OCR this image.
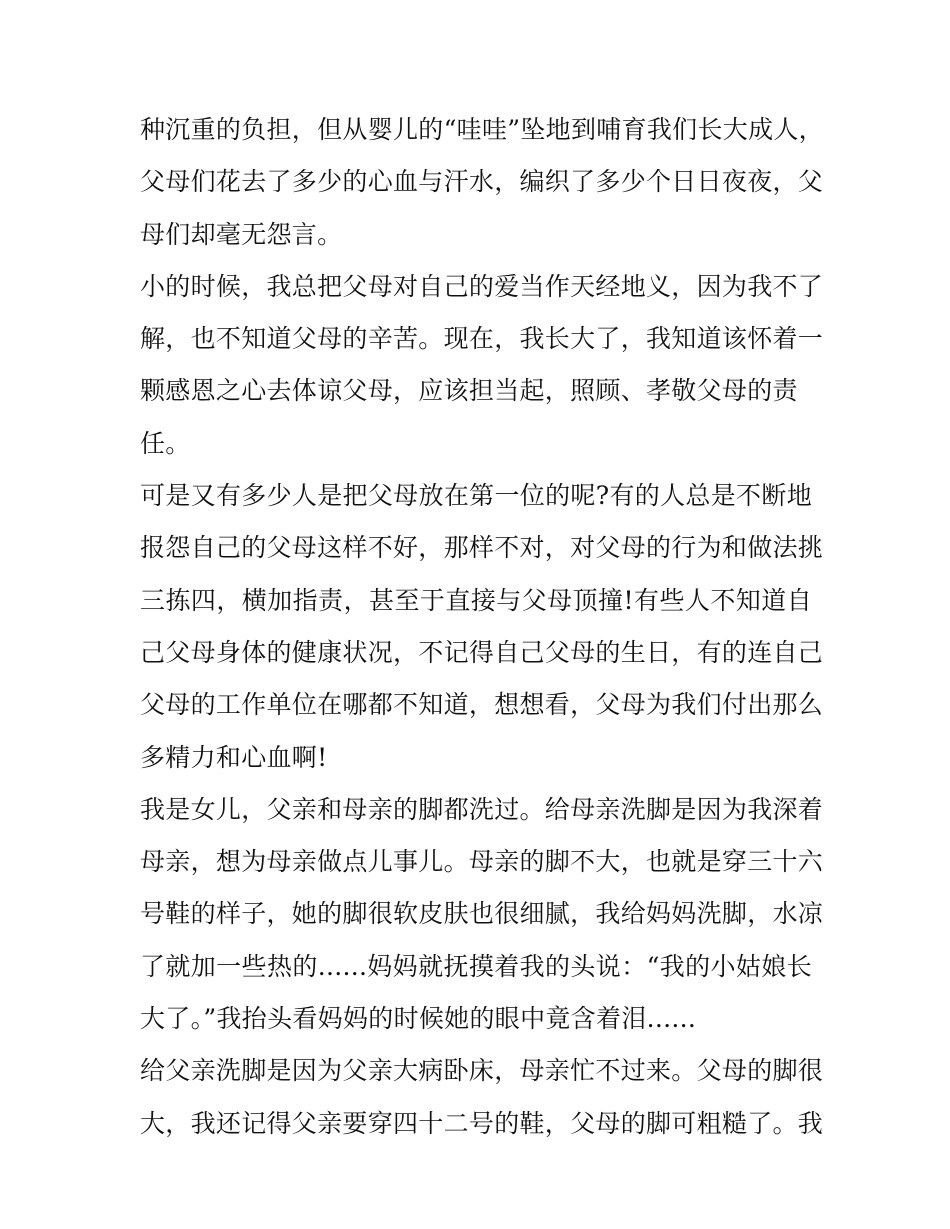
种沉重的负担，但从婴儿的“哇哇”坠地到哺育我们长大成人，
父母们花去了多少的心血与汗水，编织了多少个日日夜夜，父
母们却毫无怨言。
小的时候，我总把父母对自己的爱当作天经地义，因为我不了
解，也不知道父母的辛苦。现在，我长大了，我知道该怀着一
颗感恩之心去体谅父母，应该担当起，照顾、孝敬父母的责
任。
可是又有多少人是把父母放在第一位的呢?有的人总是不断地
报怨自己的父母这样不好，那样不对，对父母的行为和做法挑
三拣四，横加指责，甚至于直接与父母顶撞!有些人不知道自
己父母身体的健康状况，不记得自己父母的生日，有的连自己
父母的工作单位在哪都不知道，想想看，父母为我们付出那么
多精力和心血啊!
我是女儿，父亲和母亲的脚都洗过。给母亲洗脚是因为我深着
母亲，想为母亲做点儿事儿。母亲的脚不大，也就是穿三十六
号鞋的样子，她的脚很软皮肤也很细腻，我给妈妈洗脚，水凉
了就加一些热的......妈妈就抚摸着我的头说：“我的小姑娘长
大了。”我抬头看妈妈的时候她的眼中竟含着泪......
给父亲洗脚是因为父亲大病卧床，母亲忙不过来。父母的脚很
大，我还记得父亲要穿四十二号的鞋，父母的脚可粗糙了。我
